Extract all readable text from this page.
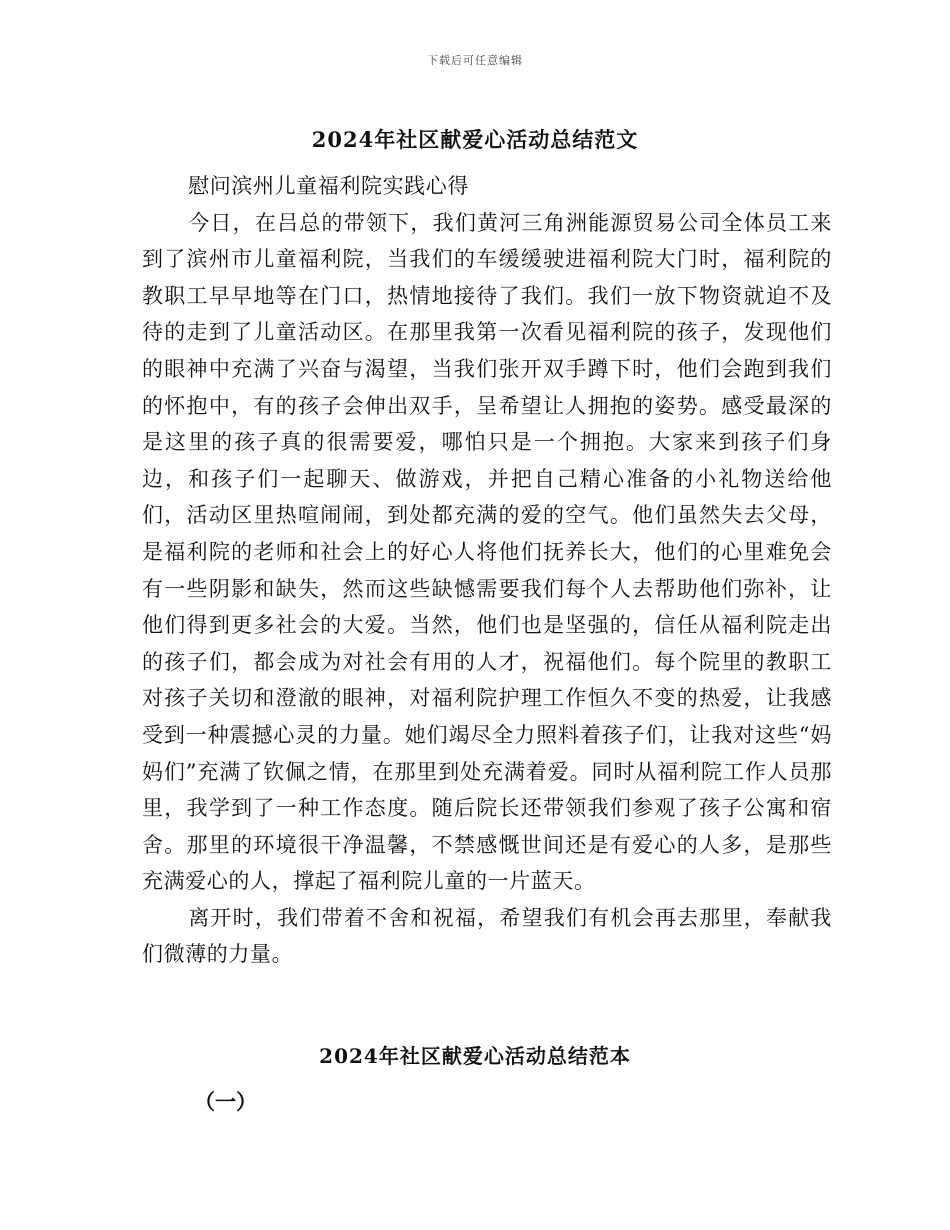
下载后可任意编辑
2024年社区献爱心活动总结范文

慰问滨州儿童福利院实践心得

今日，在吕总的带领下，我们黄河三角洲能源贸易公司全体员工来到了滨州市儿童福利院，当我们的车缓缓驶进福利院大门时，福利院的教职工早早地等在门口，热情地接待了我们。我们一放下物资就迫不及待的走到了儿童活动区。在那里我第一次看见福利院的孩子，发现他们的眼神中充满了兴奋与渴望，当我们张开双手蹲下时，他们会跑到我们的怀抱中，有的孩子会伸出双手，呈希望让人拥抱的姿势。感受最深的是这里的孩子真的很需要爱，哪怕只是一个拥抱。大家来到孩子们身边，和孩子们一起聊天、做游戏，并把自己精心准备的小礼物送给他们，活动区里热喧闹闹，到处都充满的爱的空气。他们虽然失去父母，是福利院的老师和社会上的好心人将他们抚养长大，他们的心里难免会有一些阴影和缺失，然而这些缺憾需要我们每个人去帮助他们弥补，让他们得到更多社会的大爱。当然，他们也是坚强的，信任从福利院走出的孩子们，都会成为对社会有用的人才，祝福他们。每个院里的教职工对孩子关切和澄澈的眼神，对福利院护理工作恒久不变的热爱，让我感受到一种震撼心灵的力量。她们竭尽全力照料着孩子们，让我对这些“妈妈们”充满了钦佩之情，在那里到处充满着爱。同时从福利院工作人员那里，我学到了一种工作态度。随后院长还带领我们参观了孩子公寓和宿舍。那里的环境很干净温馨，不禁感慨世间还是有爱心的人多，是那些充满爱心的人，撑起了福利院儿童的一片蓝天。

离开时，我们带着不舍和祝福，希望我们有机会再去那里，奉献我们微薄的力量。

2024年社区献爱心活动总结范本
（一）
